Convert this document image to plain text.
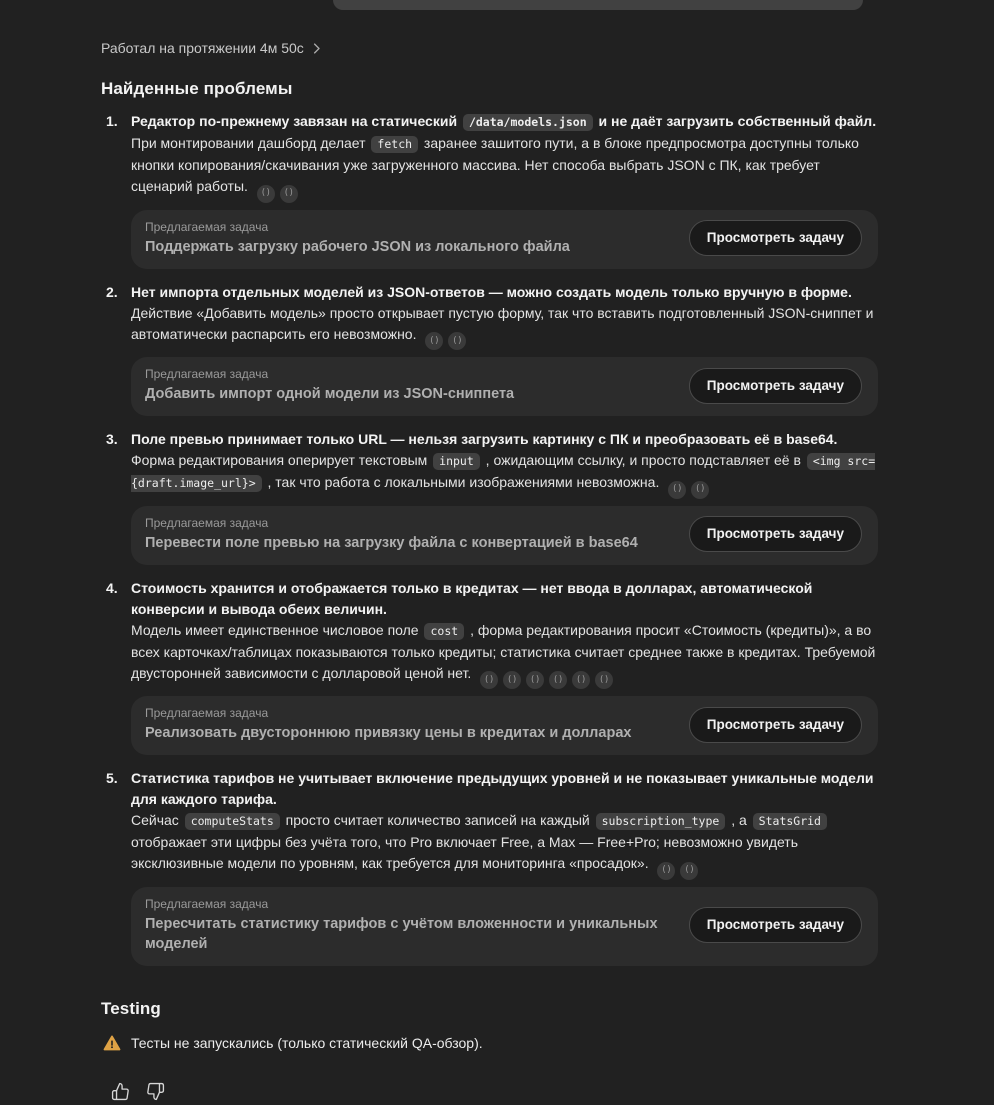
Работал на протяжении 4м 50с
Найденные проблемы
1. Редактор по-прежнему завязан на статический /data/models.json и не даёт загрузить собственный файл.
При монтировании дашборд делает fetch заранее зашитого пути, а в блоке предпросмотра доступны только кнопки копирования/скачивания уже загруженного массива. Нет способа выбрать JSON с ПК, как требует сценарий работы. () ()
Предлагаемая задача
Поддержать загрузку рабочего JSON из локального файла
Просмотреть задачу
2. Нет импорта отдельных моделей из JSON-ответов — можно создать модель только вручную в форме.
Действие «Добавить модель» просто открывает пустую форму, так что вставить подготовленный JSON-сниппет и автоматически распарсить его невозможно. () ()
Предлагаемая задача
Добавить импорт одной модели из JSON-сниппета
Просмотреть задачу
3. Поле превью принимает только URL — нельзя загрузить картинку с ПК и преобразовать её в base64.
Форма редактирования оперирует текстовым input , ожидающим ссылку, и просто подставляет её в <img src={draft.image_url}> , так что работа с локальными изображениями невозможна. () ()
Предлагаемая задача
Перевести поле превью на загрузку файла с конвертацией в base64
Просмотреть задачу
4. Стоимость хранится и отображается только в кредитах — нет ввода в долларах, автоматической конверсии и вывода обеих величин.
Модель имеет единственное числовое поле cost , форма редактирования просит «Стоимость (кредиты)», а во всех карточках/таблицах показываются только кредиты; статистика считает среднее также в кредитах. Требуемой двусторонней зависимости с долларовой ценой нет. () () () () () ()
Предлагаемая задача
Реализовать двустороннюю привязку цены в кредитах и долларах
Просмотреть задачу
5. Статистика тарифов не учитывает включение предыдущих уровней и не показывает уникальные модели для каждого тарифа.
Сейчас computeStats просто считает количество записей на каждый subscription_type , а StatsGrid отображает эти цифры без учёта того, что Pro включает Free, а Max — Free+Pro; невозможно увидеть эксклюзивные модели по уровням, как требуется для мониторинга «просадок». () ()
Предлагаемая задача
Пересчитать статистику тарифов с учётом вложенности и уникальных моделей
Просмотреть задачу
Testing
Тесты не запускались (только статический QA-обзор).
